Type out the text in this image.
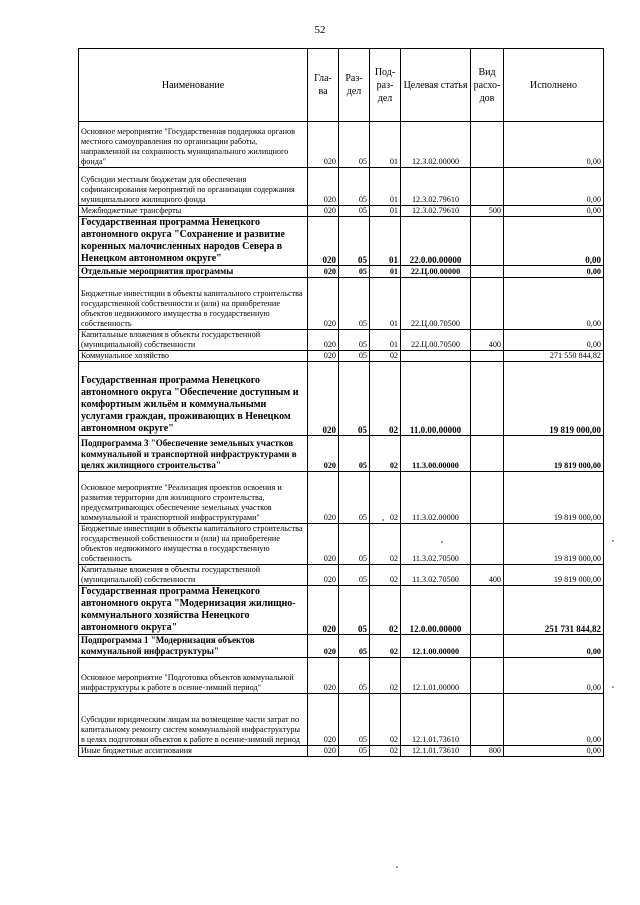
52
Наименование	Гла-ва	Раз-дел	Под-раз-дел	Целевая статья	Вид расхо-дов	Исполнено
Основное мероприятие "Государственная поддержка органов местного самоуправления по организации работы, направленной на сохранность муниципального жилищного фонда"	020	05	01	12.3.02.00000		0,00
Субсидии местным бюджетам для обеспечения софинансирования мероприятий по организации содержания муниципального жилищного фонда	020	05	01	12.3.02.79610		0,00
Межбюджетные трансферты	020	05	01	12.3.02.79610	500	0,00
Государственная программа Ненецкого автономного округа "Сохранение и развитие коренных малочисленных народов Севера в Ненецком автономном округе"	020	05	01	22.0.00.00000		0,00
Отдельные мероприятия программы	020	05	01	22.Ц.00.00000		0,00
Бюджетные инвестиции в объекты капитального строительства государственной собственности и (или) на приобретение объектов недвижимого имущества в государственную собственность	020	05	01	22.Ц.00.70500		0,00
Капитальные вложения в объекты государственной (муниципальной) собственности	020	05	01	22.Ц.00.70500	400	0,00
Коммунальное хозяйство	020	05	02			271 550 844,82
Государственная программа Ненецкого автономного округа "Обеспечение доступным и комфортным жильём и коммунальными услугами граждан, проживающих в Ненецком автономном округе"	020	05	02	11.0.00.00000		19 819 000,00
Подпрограмма 3 "Обеспечение земельных участков коммунальной и транспортной инфраструктурами в целях жилищного строительства"	020	05	02	11.3.00.00000		19 819 000,00
Основное мероприятие "Реализация проектов освоения и развития территории для жилищного строительства, предусматривающих обеспечение земельных участков коммунальной и транспортной инфраструктурами"	020	05	02	11.3.02.00000		19 819 000,00
Бюджетные инвестиции в объекты капитального строительства государственной собственности и (или) на приобретение объектов недвижимого имущества в государственную собственность	020	05	02	11.3.02.70500		19 819 000,00
Капитальные вложения в объекты государственной (муниципальной) собственности	020	05	02	11.3.02.70500	400	19 819 000,00
Государственная программа Ненецкого автономного округа "Модернизация жилищно-коммунального хозяйства Ненецкого автономного округа"	020	05	02	12.0.00.00000		251 731 844,82
Подпрограмма 1 "Модернизация объектов коммунальной инфраструктуры"	020	05	02	12.1.00.00000		0,00
Основное мероприятие "Подготовка объектов коммунальной инфраструктуры к работе в осенне-зимний период"	020	05	02	12.1.01.00000		0,00
Субсидии юридическим лицам на возмещение части затрат по капитальному ремонту систем коммунальной инфраструктуры в целях подготовки объектов к работе в осенне-зимний период	020	05	02	12.1.01.73610		0,00
Иные бюджетные ассигнования	020	05	02	12.1.01.73610	800	0,00
